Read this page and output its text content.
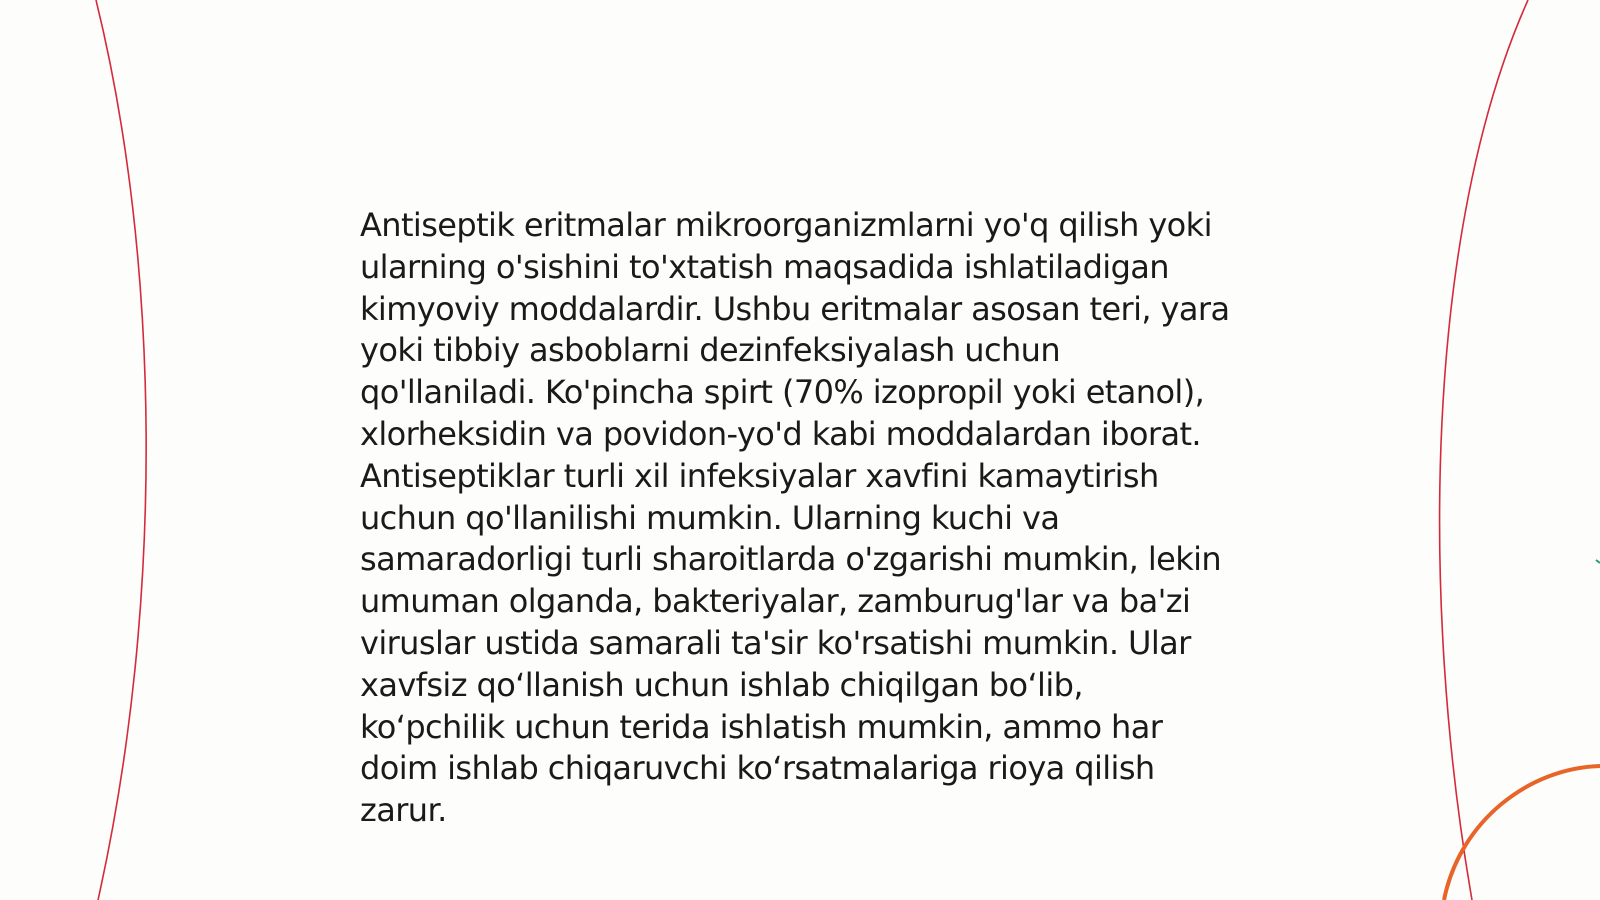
Antiseptik eritmalar mikroorganizmlarni yo'q qilish yoki ularning o'sishini to'xtatish maqsadida ishlatiladigan kimyoviy moddalardir. Ushbu eritmalar asosan teri, yara yoki tibbiy asboblarni dezinfeksiyalash uchun qo'llaniladi. Ko'pincha spirt (70% izopropil yoki etanol), xlorheksidin va povidon-yo'd kabi moddalardan iborat. Antiseptiklar turli xil infeksiyalar xavfini kamaytirish uchun qo'llanilishi mumkin. Ularning kuchi va samaradorligi turli sharoitlarda o'zgarishi mumkin, lekin umuman olganda, bakteriyalar, zamburug'lar va ba'zi viruslar ustida samarali ta'sir ko'rsatishi mumkin. Ular xavfsiz qo‘llanish uchun ishlab chiqilgan bo‘lib, ko‘pchilik uchun terida ishlatish mumkin, ammo har doim ishlab chiqaruvchi ko‘rsatmalariga rioya qilish zarur.
